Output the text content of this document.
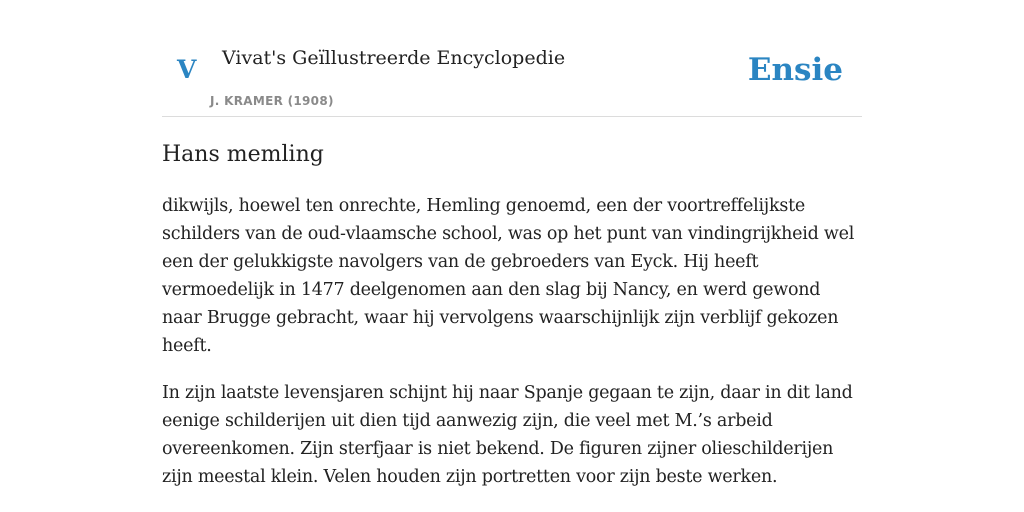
V Vivat's Geïllustreerde Encyclopedie
J. KRAMER (1908)
Ensie
Hans memling

dikwijls, hoewel ten onrechte, Hemling genoemd, een der voortreffelijkste schilders van de oud-vlaamsche school, was op het punt van vindingrijkheid wel een der gelukkigste navolgers van de gebroeders van Eyck. Hij heeft vermoedelijk in 1477 deelgenomen aan den slag bij Nancy, en werd gewond naar Brugge gebracht, waar hij vervolgens waarschijnlijk zijn verblijf gekozen heeft.

In zijn laatste levensjaren schijnt hij naar Spanje gegaan te zijn, daar in dit land eenige schilderijen uit dien tijd aanwezig zijn, die veel met M.’s arbeid overeenkomen. Zijn sterfjaar is niet bekend. De figuren zijner olieschilderijen zijn meestal klein. Velen houden zijn portretten voor zijn beste werken.
